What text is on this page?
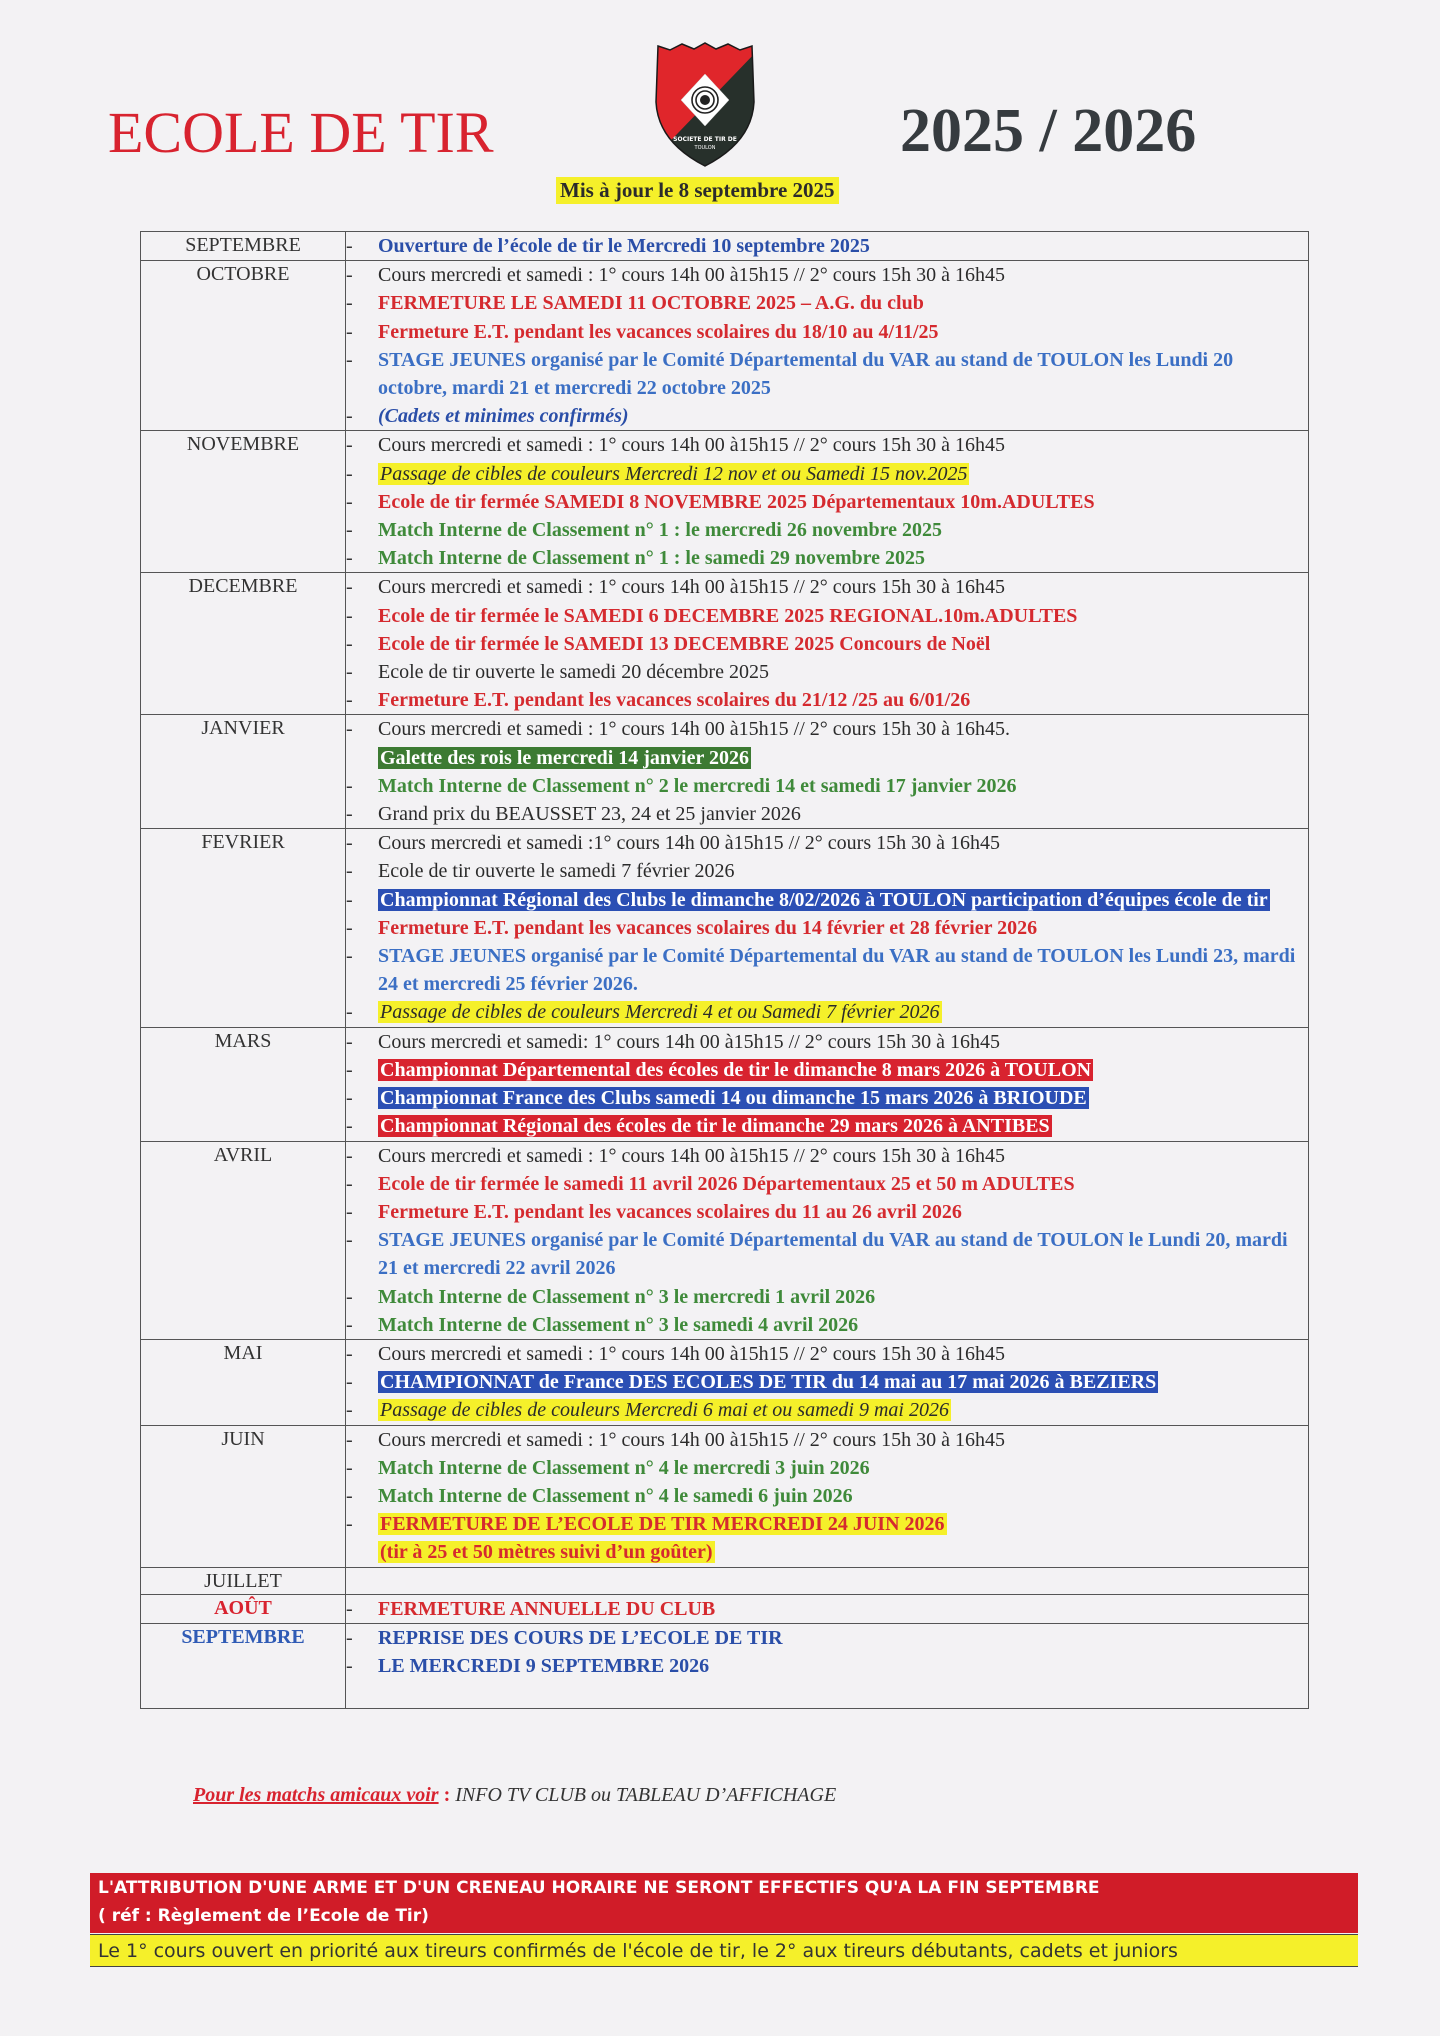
ECOLE DE TIR	SOCIETE DE TIR DE
TOULON	2025 / 2026
Mis à jour le 8 septembre 2025
SEPTEMBRE	- Ouverture de l’école de tir le Mercredi 10 septembre 2025

OCTOBRE	-	Cours mercredi et samedi : 1° cours 14h 00 à15h15 // 2° cours 15h 30 à 16h45
-	FERMETURE LE SAMEDI 11 OCTOBRE 2025 – A.G. du club
-	Fermeture E.T. pendant les vacances scolaires du 18/10 au 4/11/25
-	STAGE JEUNES organisé par le Comité Départemental du VAR au stand de TOULON les Lundi 20 octobre, mardi 21 et mercredi 22 octobre 2025
-	(Cadets et minimes confirmés)

NOVEMBRE	-	Cours mercredi et samedi : 1° cours 14h 00 à15h15 // 2° cours 15h 30 à 16h45
-	Passage de cibles de couleurs Mercredi 12 nov et ou Samedi 15 nov.2025
-	Ecole de tir fermée SAMEDI 8 NOVEMBRE 2025 Départementaux 10m.ADULTES
-	Match Interne de Classement n° 1 : le mercredi 26 novembre 2025
-	Match Interne de Classement n° 1 : le samedi 29 novembre 2025

DECEMBRE	-	Cours mercredi et samedi : 1° cours 14h 00 à15h15 // 2° cours 15h 30 à 16h45
-	Ecole de tir fermée le SAMEDI 6 DECEMBRE 2025 REGIONAL.10m.ADULTES
-	Ecole de tir fermée le SAMEDI 13 DECEMBRE 2025 Concours de Noël
-	Ecole de tir ouverte le samedi 20 décembre 2025
-	Fermeture E.T. pendant les vacances scolaires du 21/12 /25 au 6/01/26

JANVIER	-	Cours mercredi et samedi : 1° cours 14h 00 à15h15 // 2° cours 15h 30 à 16h45.
Galette des rois le mercredi 14 janvier 2026
-	Match Interne de Classement n° 2 le mercredi 14 et samedi 17 janvier 2026
-	Grand prix du BEAUSSET 23, 24 et 25 janvier 2026

FEVRIER	-	Cours mercredi et samedi :1° cours 14h 00 à15h15 // 2° cours 15h 30 à 16h45
-	Ecole de tir ouverte le samedi 7 février 2026
-	Championnat Régional des Clubs le dimanche 8/02/2026 à TOULON participation d’équipes école de tir
-	Fermeture E.T. pendant les vacances scolaires du 14 février et 28 février 2026
-	STAGE JEUNES organisé par le Comité Départemental du VAR au stand de TOULON les Lundi 23, mardi 24 et mercredi 25 février 2026.
-	Passage de cibles de couleurs Mercredi 4 et ou Samedi 7 février 2026

MARS	-	Cours mercredi et samedi: 1° cours 14h 00 à15h15 // 2° cours 15h 30 à 16h45
-	Championnat Départemental des écoles de tir le dimanche 8 mars 2026 à TOULON
-	Championnat France des Clubs samedi 14 ou dimanche 15 mars 2026 à BRIOUDE
-	Championnat Régional des écoles de tir le dimanche 29 mars 2026 à ANTIBES

AVRIL	-	Cours mercredi et samedi : 1° cours 14h 00 à15h15 // 2° cours 15h 30 à 16h45
-	Ecole de tir fermée le samedi 11 avril 2026 Départementaux 25 et 50 m ADULTES
-	Fermeture E.T. pendant les vacances scolaires du 11 au 26 avril 2026
-	STAGE JEUNES organisé par le Comité Départemental du VAR au stand de TOULON le Lundi 20, mardi 21 et mercredi 22 avril 2026
-	Match Interne de Classement n° 3 le mercredi 1 avril 2026
-	Match Interne de Classement n° 3 le samedi 4 avril 2026

MAI	-	Cours mercredi et samedi : 1° cours 14h 00 à15h15 // 2° cours 15h 30 à 16h45
-	CHAMPIONNAT de France DES ECOLES DE TIR du 14 mai au 17 mai 2026 à BEZIERS
-	Passage de cibles de couleurs Mercredi 6 mai et ou samedi 9 mai 2026

JUIN	-	Cours mercredi et samedi : 1° cours 14h 00 à15h15 // 2° cours 15h 30 à 16h45
-	Match Interne de Classement n° 4 le mercredi 3 juin 2026
-	Match Interne de Classement n° 4 le samedi 6 juin 2026
-	FERMETURE DE L’ECOLE DE TIR MERCREDI 24 JUIN 2026
(tir à 25 et 50 mètres suivi d’un goûter)

JUILLET	
AOÛT	- FERMETURE ANNUELLE DU CLUB

SEPTEMBRE	- REPRISE DES COURS DE L’ECOLE DE TIR
- LE MERCREDI 9 SEPTEMBRE 2026
Pour les matchs amicaux voir : INFO TV CLUB ou TABLEAU D’AFFICHAGE
L'ATTRIBUTION D'UNE ARME ET D'UN CRENEAU HORAIRE NE SERONT EFFECTIFS QU'A LA FIN SEPTEMBRE
( réf : Règlement de l’Ecole de Tir)
Le 1° cours ouvert en priorité aux tireurs confirmés de l'école de tir, le 2° aux tireurs débutants, cadets et juniors
